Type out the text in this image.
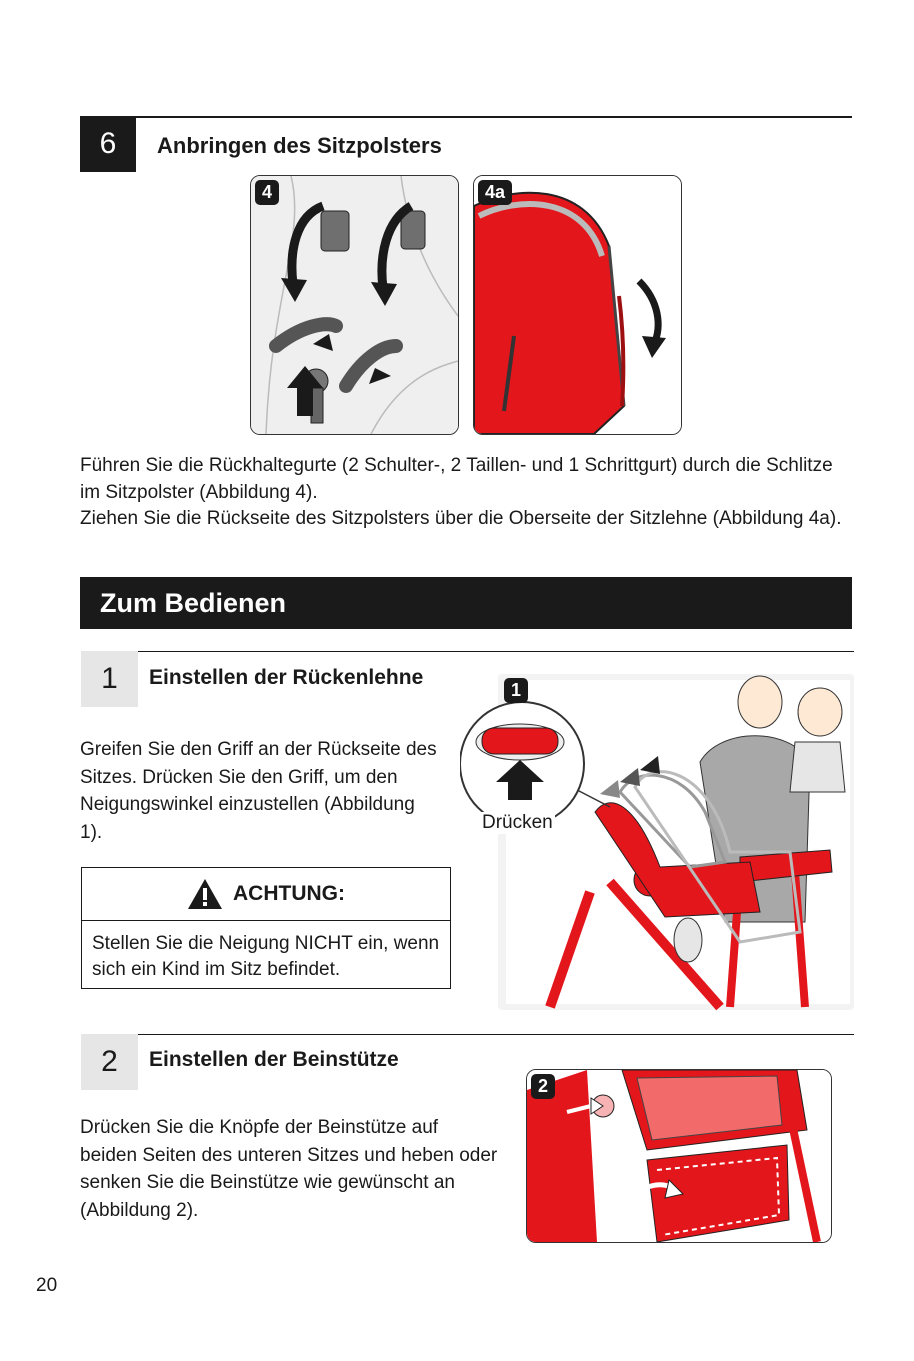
6	Anbringen des Sitzpolsters
4	4a

Führen Sie die Rückhaltegurte (2 Schulter-, 2 Taillen- und 1 Schrittgurt) durch die Schlitze im Sitzpolster (Abbildung 4).

Ziehen Sie die Rückseite des Sitzpolsters über die Oberseite der Sitzlehne (Abbildung 4a).

Zum Bedienen
1	Einstellen der Rückenlehne
Greifen Sie den Griff an der Rückseite des Sitzes. Drücken Sie den Griff, um den Neigungswinkel einzustellen (Abbildung 1).
ACHTUNG:
Stellen Sie die Neigung NICHT ein, wenn sich ein Kind im Sitz befindet.
1
Drücken
2	Einstellen der Beinstütze
Drücken Sie die Knöpfe der Beinstütze auf beiden Seiten des unteren Sitzes und heben oder senken Sie die Beinstütze wie gewünscht an (Abbildung 2).
2
20
